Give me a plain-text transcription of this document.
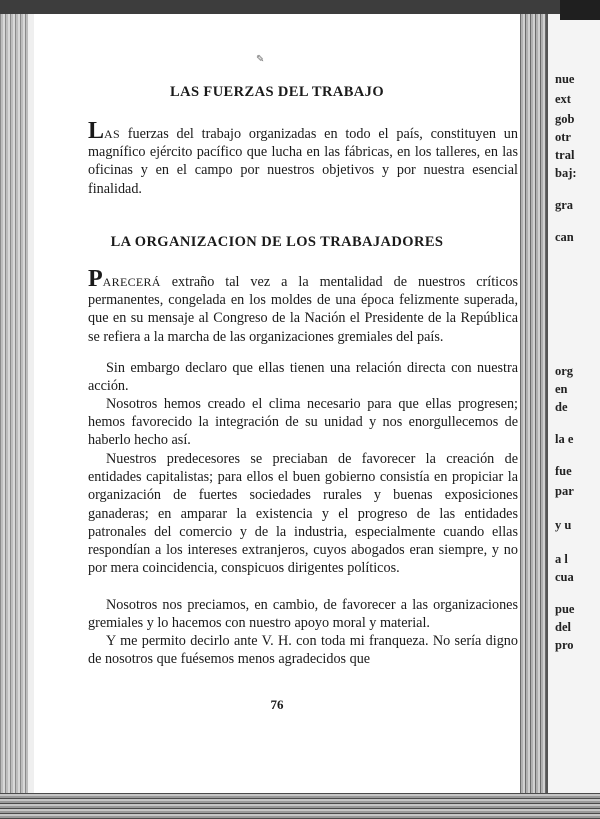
✎
LAS FUERZAS DEL TRABAJO

LAS fuerzas del trabajo organizadas en todo el país, constituyen un magnífico ejército pacífico que lucha en las fábricas, en los talleres, en las oficinas y en el campo por nuestros objetivos y por nuestra esencial finalidad.

LA ORGANIZACION DE LOS TRABAJADORES

PARECERÁ extraño tal vez a la mentalidad de nuestros críticos permanentes, congelada en los moldes de una época felizmente superada, que en su mensaje al Congreso de la Nación el Presidente de la República se refiera a la marcha de las organizaciones gremiales del país.

Sin embargo declaro que ellas tienen una relación directa con nuestra acción.

Nosotros hemos creado el clima necesario para que ellas progresen; hemos favorecido la integración de su unidad y nos enorgullecemos de haberlo hecho así.

Nuestros predecesores se preciaban de favorecer la creación de entidades capitalistas; para ellos el buen gobierno consistía en propiciar la organización de fuertes sociedades rurales y buenas exposiciones ganaderas; en amparar la existencia y el progreso de las entidades patronales del comercio y de la industria, especialmente cuando ellas respondían a los intereses extranjeros, cuyos abogados eran siempre, y no por mera coincidencia, conspicuos dirigentes políticos.

Nosotros nos preciamos, en cambio, de favorecer a las organizaciones gremiales y lo hacemos con nuestro apoyo moral y material.

Y me permito decirlo ante V. H. con toda mi franqueza. No sería digno de nosotros que fuésemos menos agradecidos que

76
nue
ext
gob
otr
tral
baj:
gra
can
org
en
de
la e
fue
par
y u
a l
cua
pue
del
pro
